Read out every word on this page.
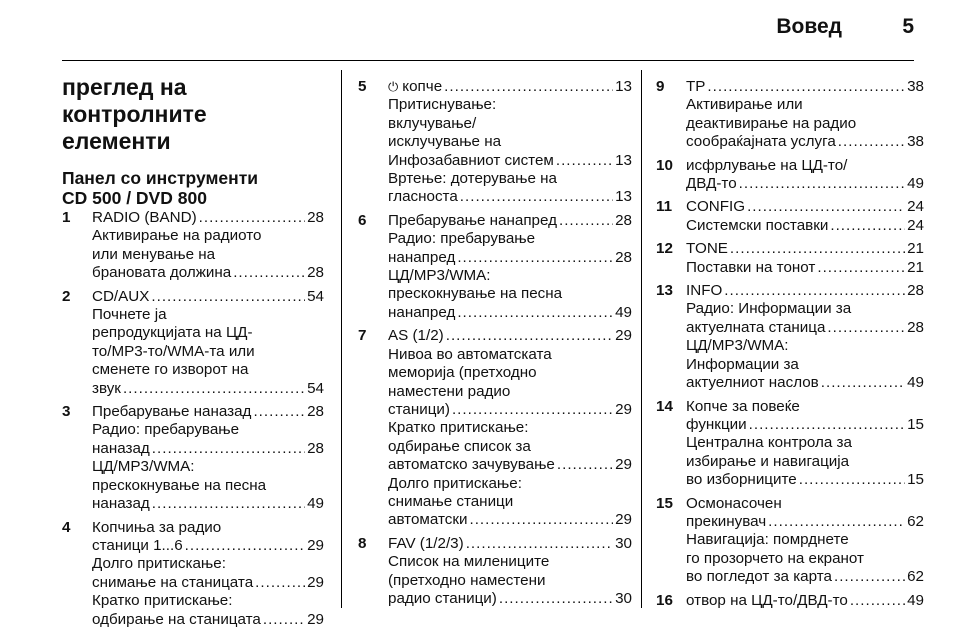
Вовед	5
преглед на контролните
елементи
Панел со инструменти
CD 500 / DVD 800
1 RADIO (BAND) .....	28
Активирање на радиото
или менување на
брановата должина .....	28
2 CD/AUX .....	54
Почнете ја
репродукцијата на ЦД-
то/MP3-то/WMA-та или
сменете го изворот на
звук .....	54
3 Пребарување наназад .....	28
Радио: пребарување
наназад .....	28
ЦД/MP3/WMA:
прескокнување на песна
наназад .....	49
4 Копчиња за радио
станици 1...6 .....	29
Долго притискање:
снимање на станицата .....	29
Кратко притискање:
одбирање на станицата .....	29
5 ⏻ копче .....	13
Притиснување:
вклучување/
исклучување на
Инфозабавниот систем .....	13
Вртење: дотерување на
гласноста .....	13
6 Пребарување нанапред .....	28
Радио: пребарување
нанапред .....	28
ЦД/MP3/WMA:
прескокнување на песна
нанапред .....	49
7 AS (1/2) .....	29
Нивоа во автоматската
меморија (претходно
наместени радио
станици) .....	29
Кратко притискање:
одбирање список за
автоматско зачувување .....	29
Долго притискање:
снимање станици
автоматски .....	29
8 FAV (1/2/3) .....	30
Список на милениците
(претходно наместени
радио станици) .....	30
9 TP .....	38
Активирање или
деактивирање на радио
сообраќајната услуга .....	38
10 исфрлување на ЦД-то/
ДВД-то .....	49
11 CONFIG .....	24
Системски поставки .....	24
12 TONE .....	21
Поставки на тонот .....	21
13 INFO .....	28
Радио: Информации за
актуелната станица .....	28
ЦД/MP3/WMA:
Информации за
актуелниот наслов .....	49
14 Копче за повеќе
функции .....	15
Централна контрола за
избирање и навигација
во изборниците .....	15
15 Осмонасочен
прекинувач .....	62
Навигација: помрднете
го прозорчето на екранот
во погледот за карта .....	62
16 отвор на ЦД-то/ДВД-то .....	49
